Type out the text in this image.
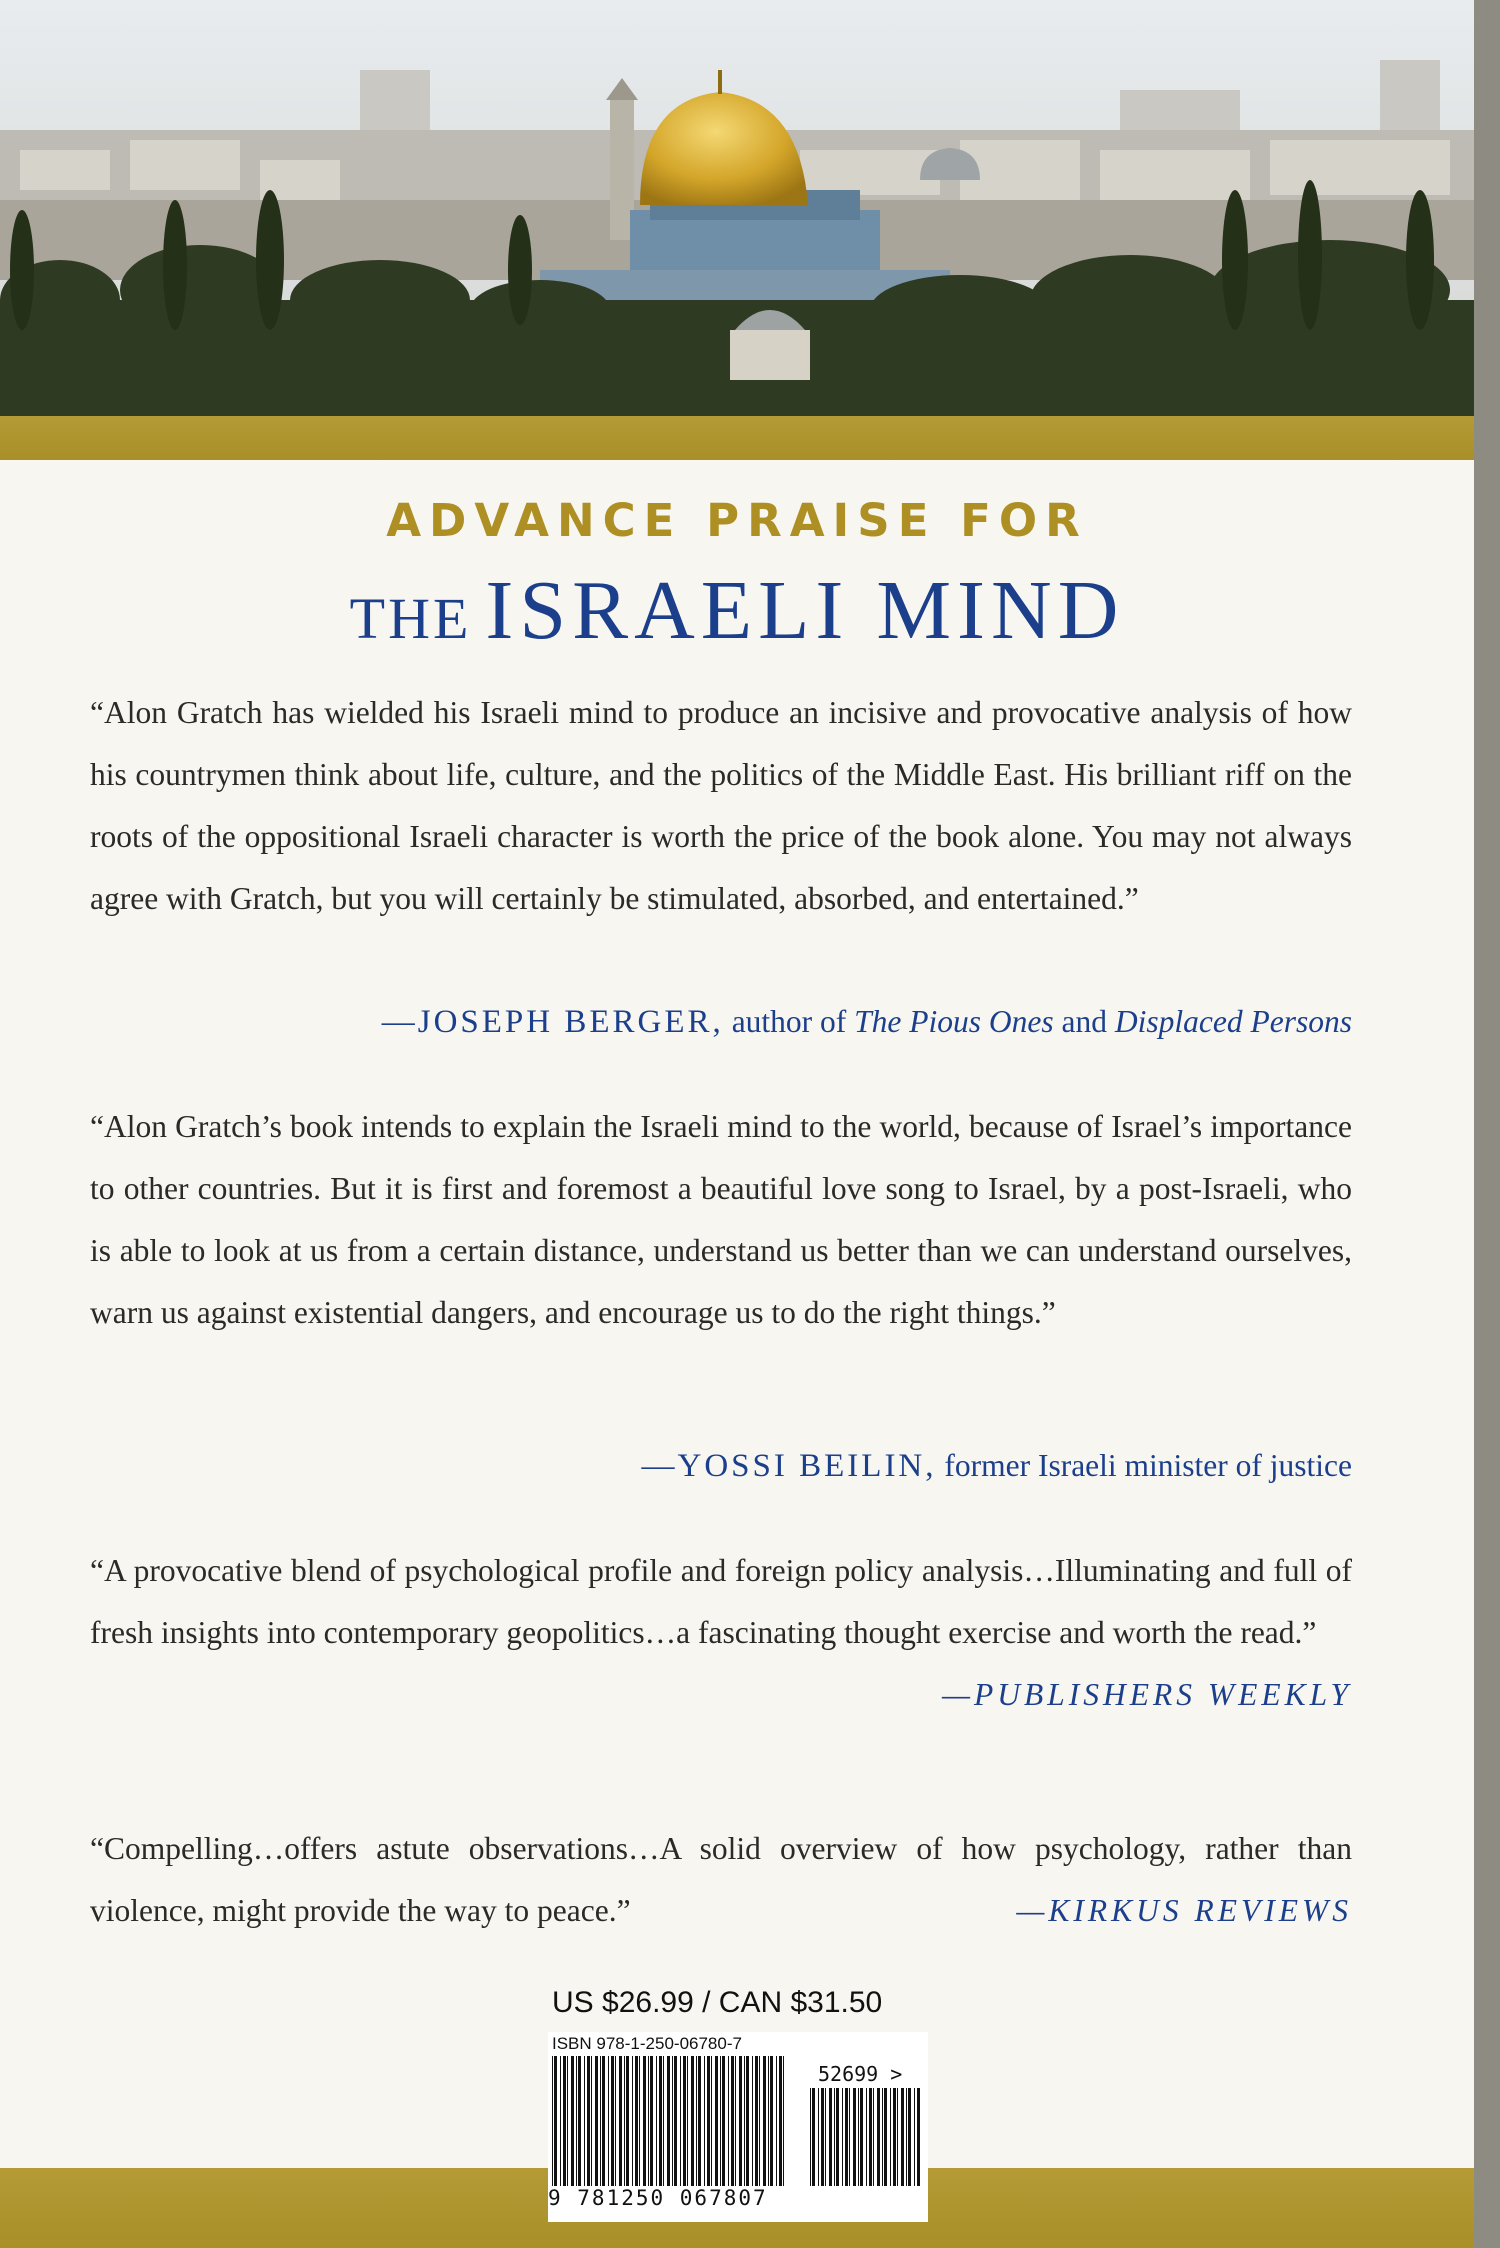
ADVANCE PRAISE FOR
THE ISRAELI MIND
“Alon Gratch has wielded his Israeli mind to produce an incisive and provocative analysis of how his countrymen think about life, culture, and the politics of the Middle East. His brilliant riff on the roots of the oppositional Israeli character is worth the price of the book alone. You may not always agree with Gratch, but you will certainly be stimulated, absorbed, and entertained.”
—JOSEPH BERGER, author of The Pious Ones and Displaced Persons
“Alon Gratch’s book intends to explain the Israeli mind to the world, because of Israel’s importance to other countries. But it is first and foremost a beautiful love song to Israel, by a post-Israeli, who is able to look at us from a certain distance, understand us better than we can understand ourselves, warn us against existential dangers, and encourage us to do the right things.”
—YOSSI BEILIN, former Israeli minister of justice
“A provocative blend of psychological profile and foreign policy analysis…Illuminating and full of fresh insights into contemporary geopolitics…a fascinating thought exercise and worth the read.”
—PUBLISHERS WEEKLY
“Compelling…offers astute observations…A solid overview of how psychology, rather than violence, might provide the way to peace.”	—KIRKUS REVIEWS
US $26.99 / CAN $31.50
ISBN 978-1-250-06780-7
52699 >
9 781250 067807
